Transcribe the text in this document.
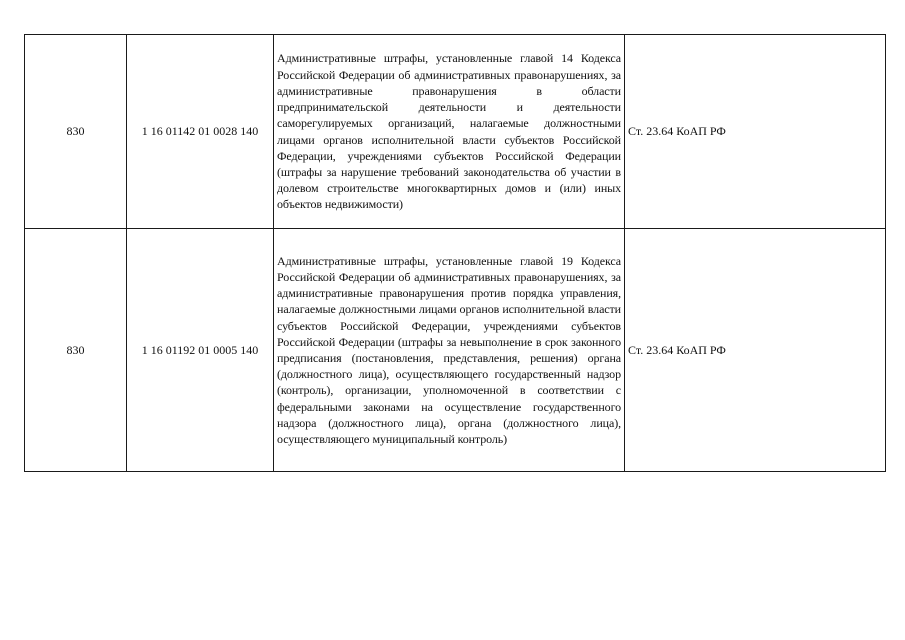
830	1 16 01142 01 0028 140	Административные штрафы, установленные главой 14 Кодекса Российской Федерации об административных правонарушениях, за административные правонарушения в области предпринимательской деятельности и деятельности саморегулируемых организаций, налагаемые должностными лицами органов исполнительной власти субъектов Российской Федерации, учреждениями субъектов Российской Федерации (штрафы за нарушение требований законодательства об участии в долевом строительстве многоквартирных домов и (или) иных объектов недвижимости)	Ст. 23.64 КоАП РФ
830	1 16 01192 01 0005 140	Административные штрафы, установленные главой 19 Кодекса Российской Федерации об административных правонарушениях, за административные правонарушения против порядка управления, налагаемые должностными лицами органов исполнительной власти субъектов Российской Федерации, учреждениями субъектов Российской Федерации (штрафы за невыполнение в срок законного предписания (постановления, представления, решения) органа (должностного лица), осуществляющего государственный надзор (контроль), организации, уполномоченной в соответствии с федеральными законами на осуществление государственного надзора (должностного лица), органа (должностного лица), осуществляющего муниципальный контроль)	Ст. 23.64 КоАП РФ
